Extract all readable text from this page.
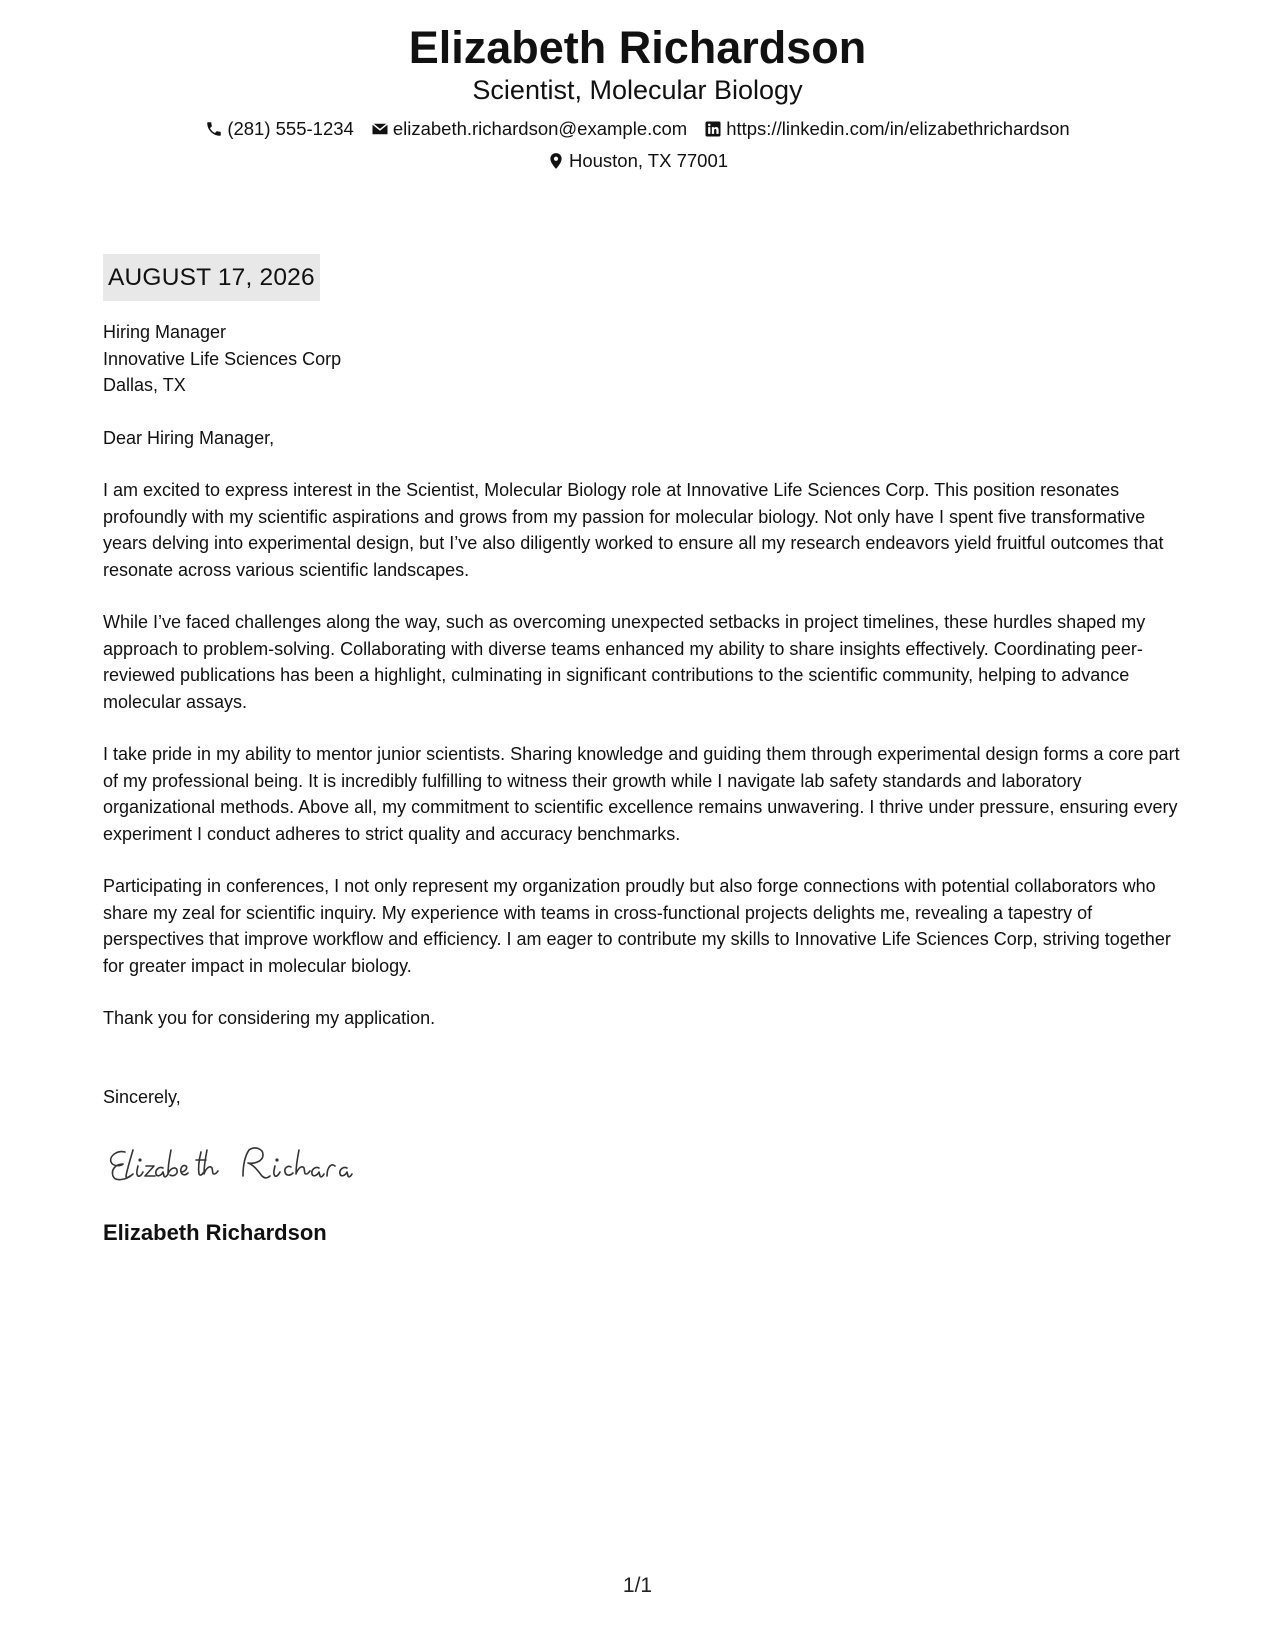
Elizabeth Richardson
Scientist, Molecular Biology
(281) 555-1234 elizabeth.richardson@example.com https://linkedin.com/in/elizabethrichardson
Houston, TX 77001
AUGUST 17, 2026
Hiring Manager
Innovative Life Sciences Corp
Dallas, TX
Dear Hiring Manager,
I am excited to express interest in the Scientist, Molecular Biology role at Innovative Life Sciences Corp. This position resonates profoundly with my scientific aspirations and grows from my passion for molecular biology. Not only have I spent five transformative years delving into experimental design, but I’ve also diligently worked to ensure all my research endeavors yield fruitful outcomes that resonate across various scientific landscapes.
While I’ve faced challenges along the way, such as overcoming unexpected setbacks in project timelines, these hurdles shaped my approach to problem-solving. Collaborating with diverse teams enhanced my ability to share insights effectively. Coordinating peer-reviewed publications has been a highlight, culminating in significant contributions to the scientific community, helping to advance molecular assays.
I take pride in my ability to mentor junior scientists. Sharing knowledge and guiding them through experimental design forms a core part of my professional being. It is incredibly fulfilling to witness their growth while I navigate lab safety standards and laboratory organizational methods. Above all, my commitment to scientific excellence remains unwavering. I thrive under pressure, ensuring every experiment I conduct adheres to strict quality and accuracy benchmarks.
Participating in conferences, I not only represent my organization proudly but also forge connections with potential collaborators who share my zeal for scientific inquiry. My experience with teams in cross-functional projects delights me, revealing a tapestry of perspectives that improve workflow and efficiency. I am eager to contribute my skills to Innovative Life Sciences Corp, striving together for greater impact in molecular biology.
Thank you for considering my application.
Sincerely,
Elizabeth Richardson
1/1
